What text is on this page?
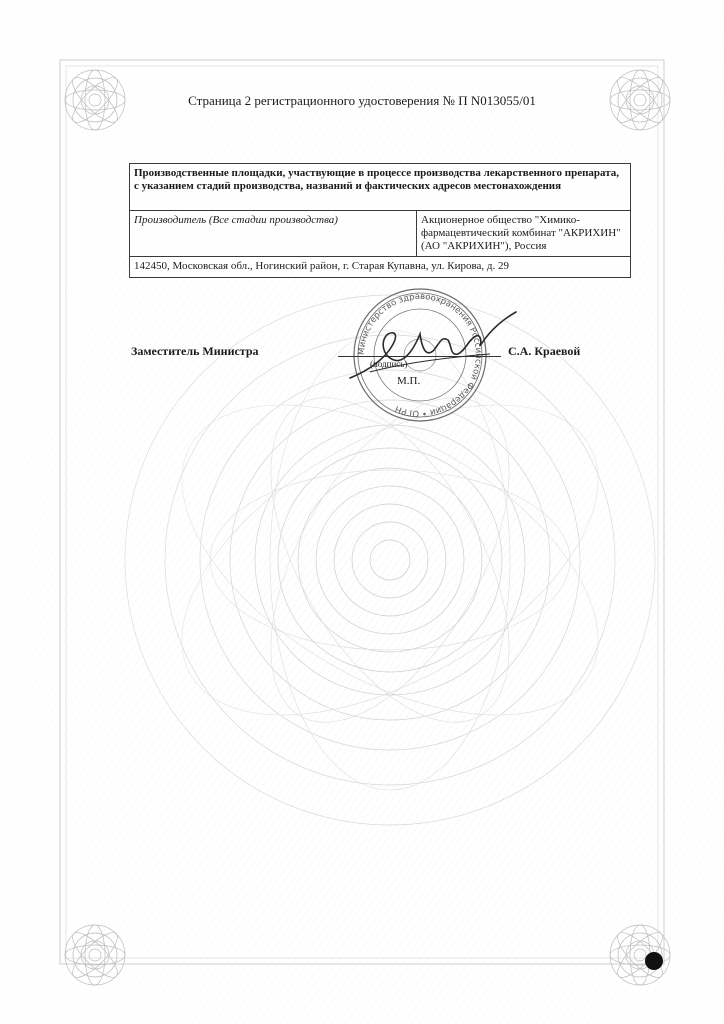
Страница 2 регистрационного удостоверения № П N013055/01
Производственные площадки, участвующие в процессе производства лекарственного препарата, с указанием стадий производства, названий и фактических адресов местонахождения
Производитель (Все стадии производства)	Акционерное общество "Химико-фармацевтический комбинат "АКРИХИН" (АО "АКРИХИН"), Россия
142450, Московская обл., Ногинский район, г. Старая Купавна, ул. Кирова, д. 29
Министерство здравоохранения Российской Федерации • ОГРН
Заместитель Министра
(подпись)
М.П.
С.А. Краевой
